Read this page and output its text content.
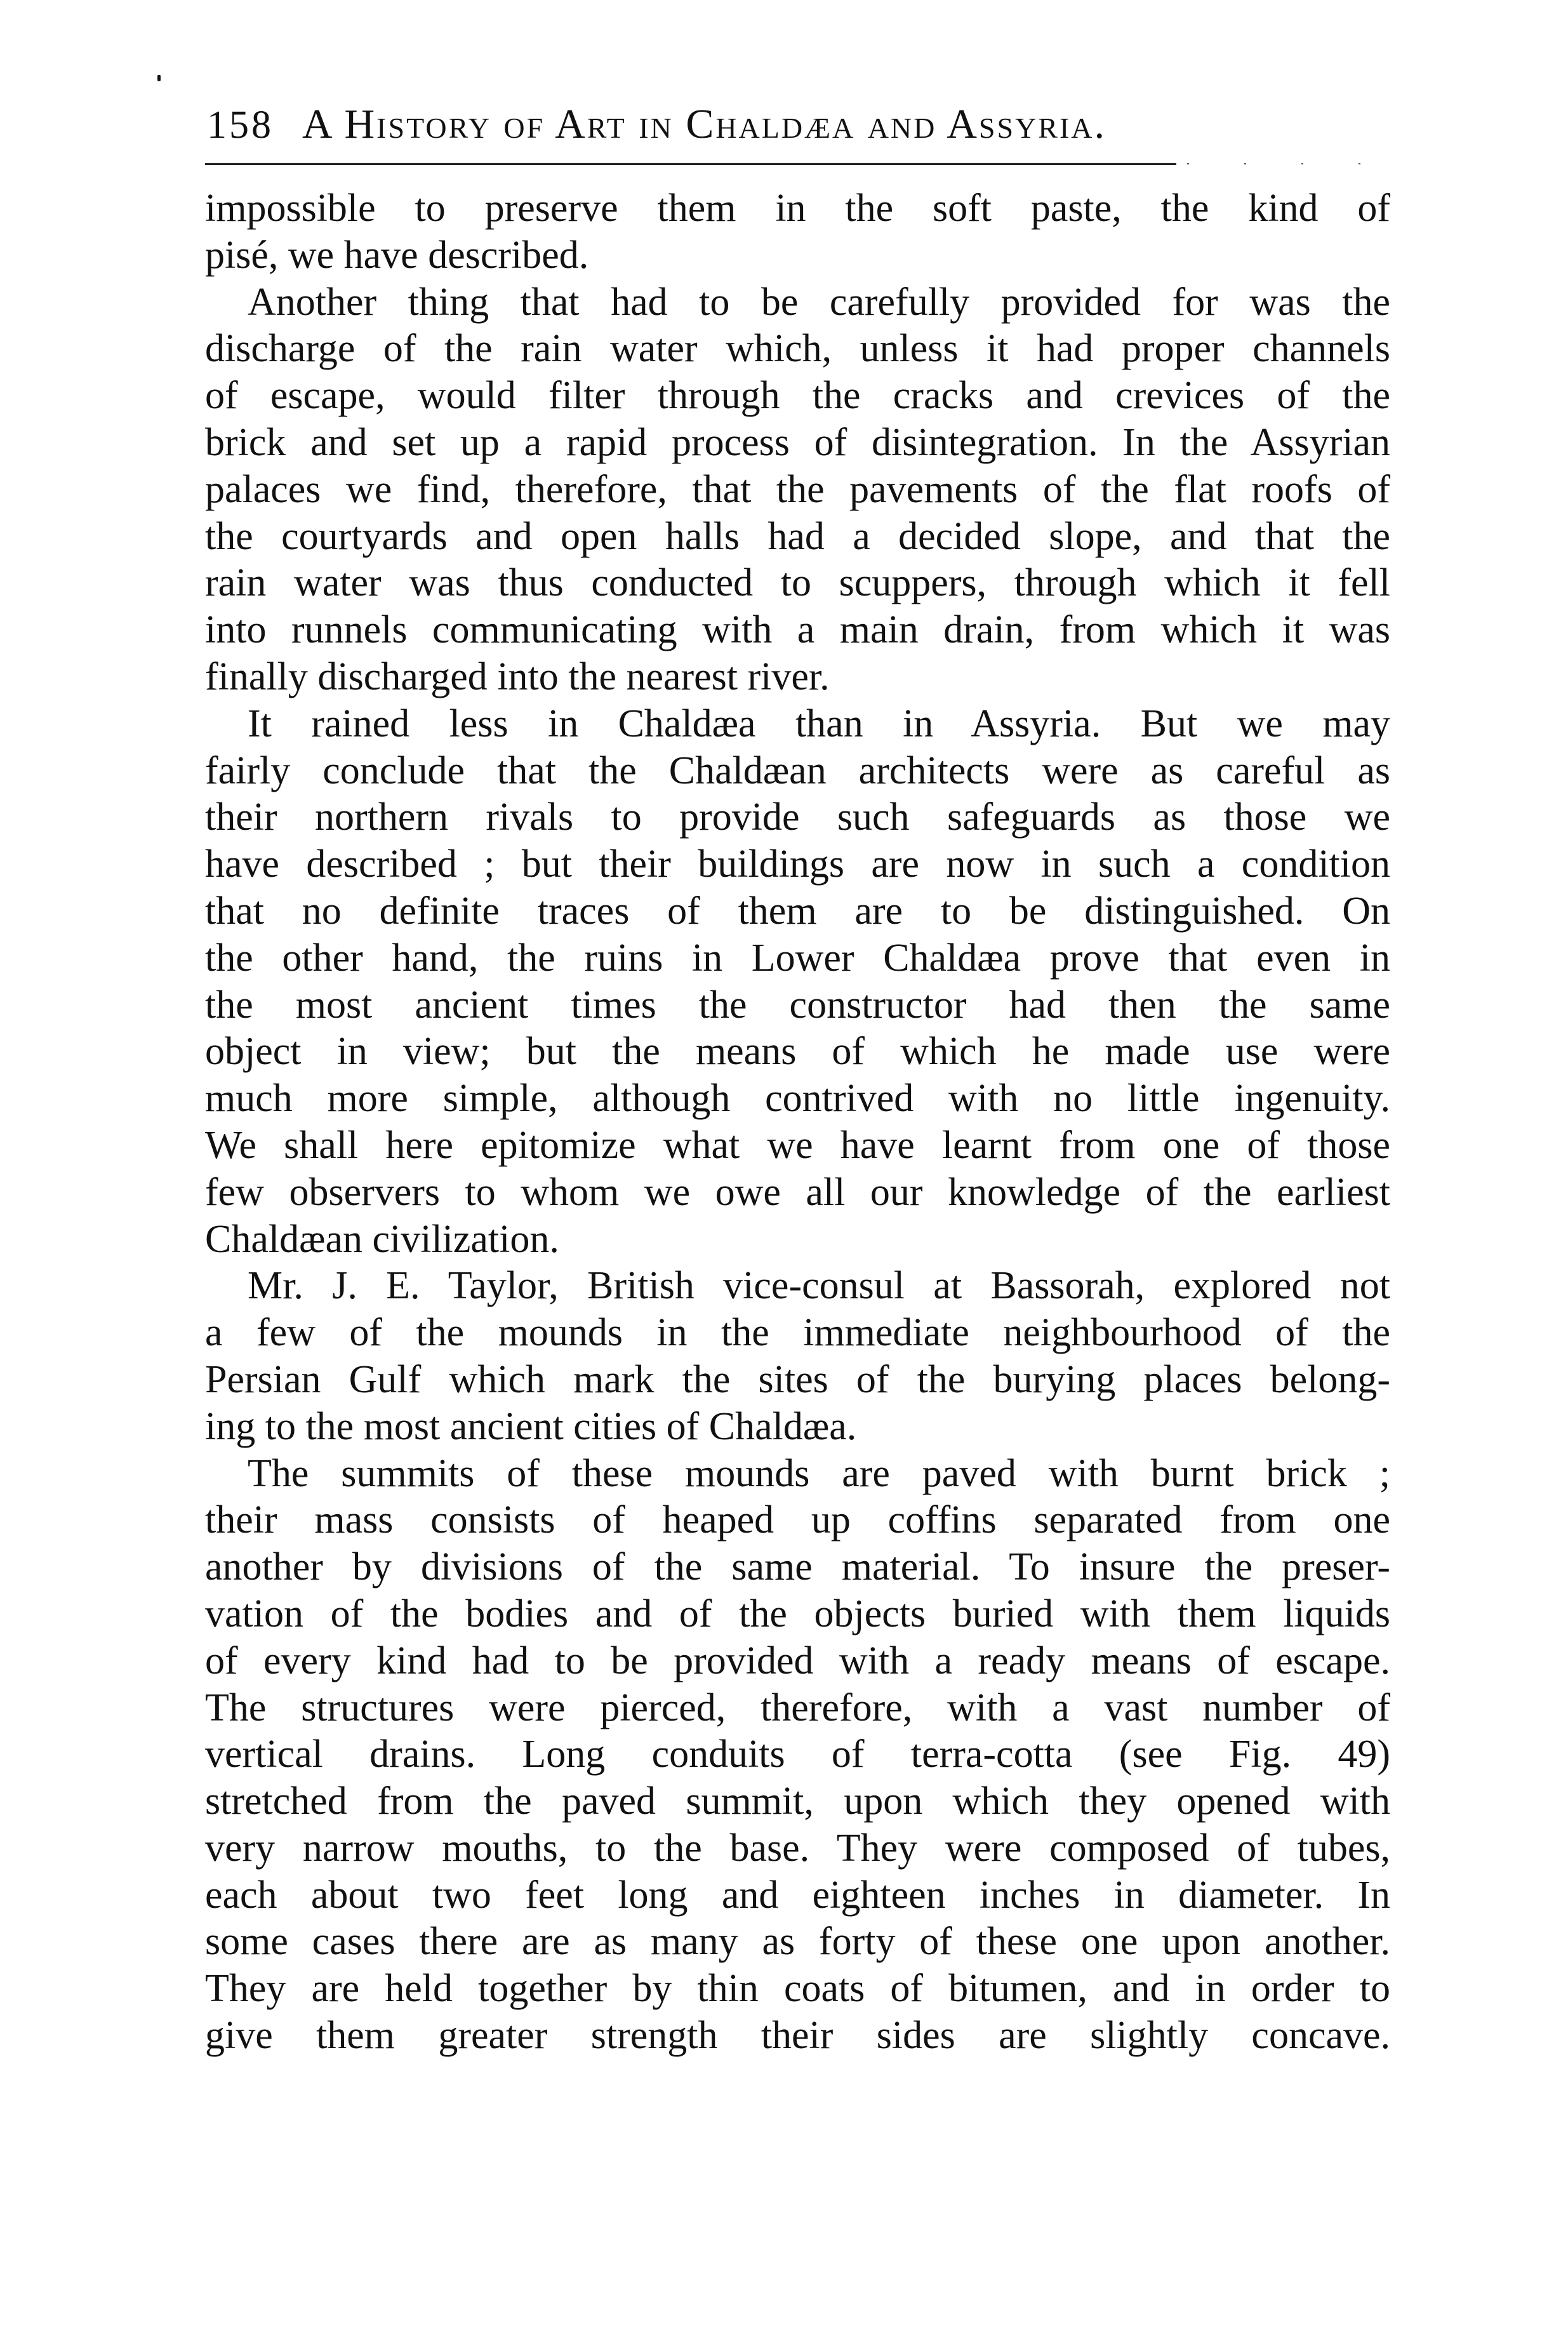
158 A History of Art in Chaldæa and Assyria.
impossible to preserve them in the soft paste, the kind of
pisé, we have described.
Another thing that had to be carefully provided for was the
discharge of the rain water which, unless it had proper channels
of escape, would filter through the cracks and crevices of the
brick and set up a rapid process of disintegration. In the Assyrian
palaces we find, therefore, that the pavements of the flat roofs of
the courtyards and open halls had a decided slope, and that the
rain water was thus conducted to scuppers, through which it fell
into runnels communicating with a main drain, from which it was
finally discharged into the nearest river.
It rained less in Chaldæa than in Assyria. But we may
fairly conclude that the Chaldæan architects were as careful as
their northern rivals to provide such safeguards as those we
have described ; but their buildings are now in such a condition
that no definite traces of them are to be distinguished. On
the other hand, the ruins in Lower Chaldæa prove that even in
the most ancient times the constructor had then the same
object in view; but the means of which he made use were
much more simple, although contrived with no little ingenuity.
We shall here epitomize what we have learnt from one of those
few observers to whom we owe all our knowledge of the earliest
Chaldæan civilization.
Mr. J. E. Taylor, British vice-consul at Bassorah, explored not
a few of the mounds in the immediate neighbourhood of the
Persian Gulf which mark the sites of the burying places belong-
ing to the most ancient cities of Chaldæa.
The summits of these mounds are paved with burnt brick ;
their mass consists of heaped up coffins separated from one
another by divisions of the same material. To insure the preser-
vation of the bodies and of the objects buried with them liquids
of every kind had to be provided with a ready means of escape.
The structures were pierced, therefore, with a vast number of
vertical drains. Long conduits of terra-cotta (see Fig. 49)
stretched from the paved summit, upon which they opened with
very narrow mouths, to the base. They were composed of tubes,
each about two feet long and eighteen inches in diameter. In
some cases there are as many as forty of these one upon another.
They are held together by thin coats of bitumen, and in order to
give them greater strength their sides are slightly concave.
